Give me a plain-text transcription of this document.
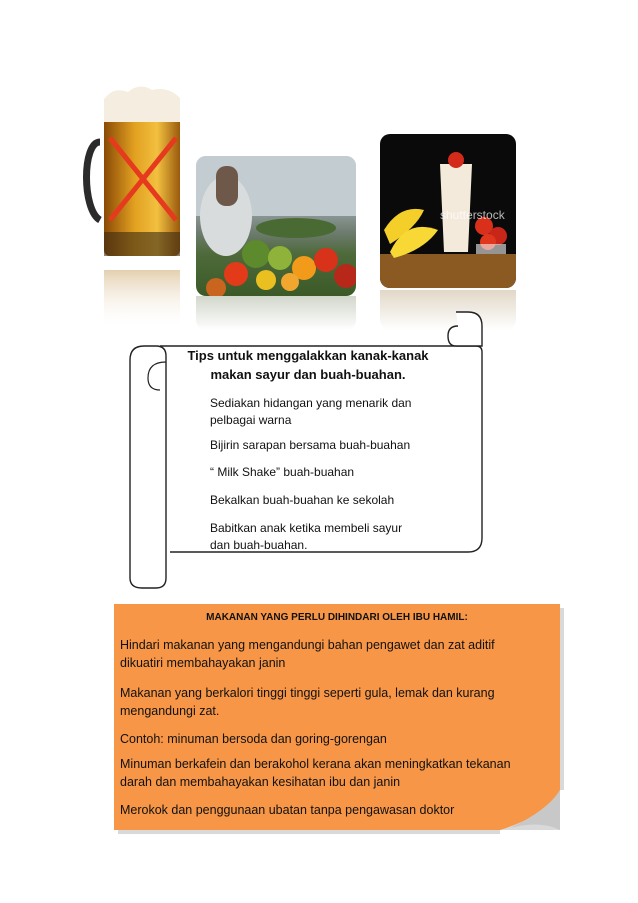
shutterstock
Tips untuk menggalakkan kanak-kanak
makan sayur dan buah-buahan.
Sediakan hidangan yang menarik dan
pelbagai warna
Bijirin sarapan bersama buah-buahan
“ Milk Shake” buah-buahan
Bekalkan buah-buahan ke sekolah
Babitkan anak ketika membeli sayur
dan buah-buahan.
MAKANAN YANG PERLU DIHINDARI OLEH IBU HAMIL:
Hindari makanan yang mengandungi bahan pengawet dan zat aditif
dikuatiri membahayakan janin
Makanan yang berkalori tinggi tinggi seperti gula, lemak dan kurang
mengandungi zat.
Contoh: minuman bersoda dan goring-gorengan
Minuman berkafein dan berakohol kerana akan meningkatkan tekanan
darah dan membahayakan kesihatan ibu dan janin
Merokok dan penggunaan ubatan tanpa pengawasan doktor
